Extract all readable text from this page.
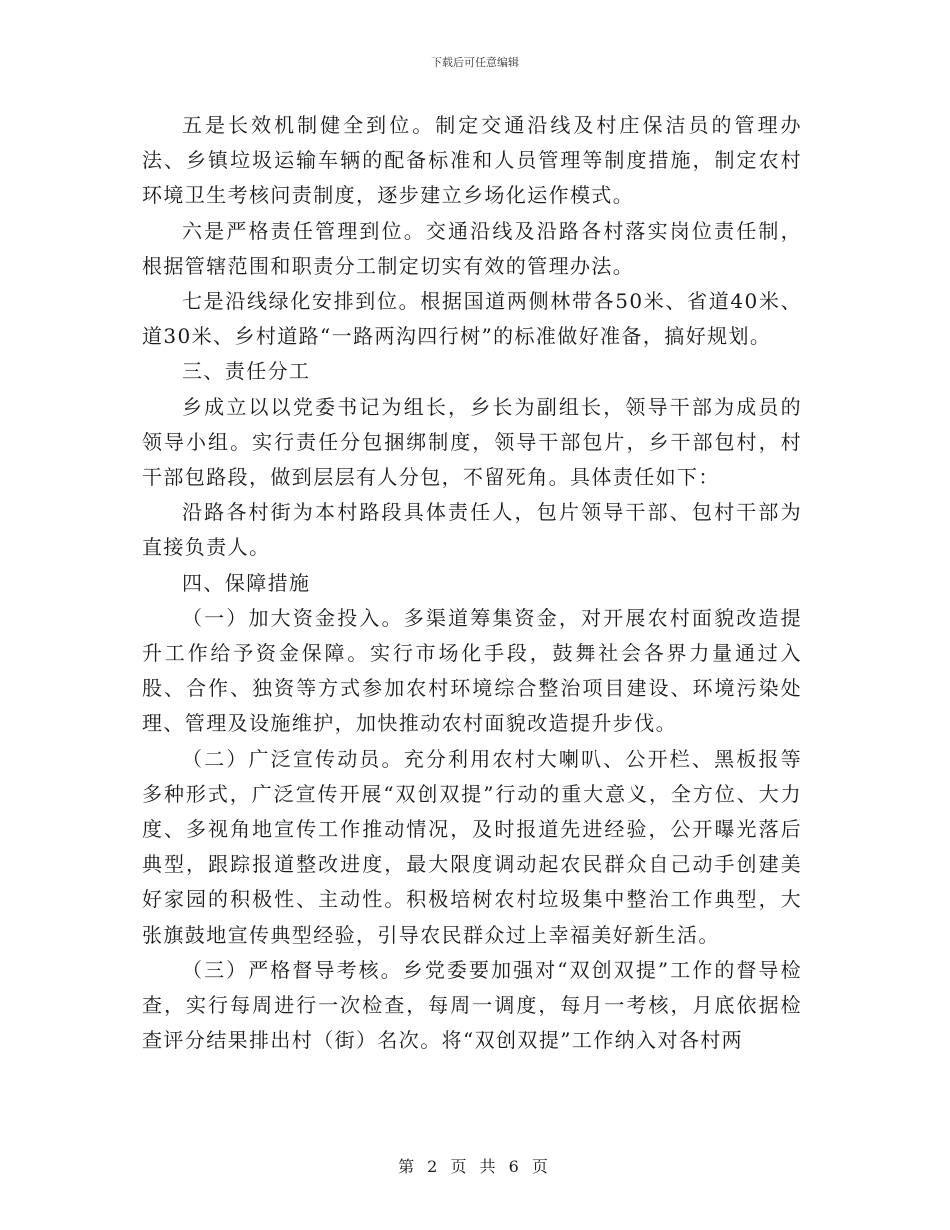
下载后可任意编辑

五是长效机制健全到位。制定交通沿线及村庄保洁员的管理办法、乡镇垃圾运输车辆的配备标准和人员管理等制度措施，制定农村环境卫生考核问责制度，逐步建立乡场化运作模式。

六是严格责任管理到位。交通沿线及沿路各村落实岗位责任制，根据管辖范围和职责分工制定切实有效的管理办法。

七是沿线绿化安排到位。根据国道两侧林带各50米、省道40米、道30米、乡村道路“一路两沟四行树”的标准做好准备，搞好规划。

三、责任分工

乡成立以以党委书记为组长，乡长为副组长，领导干部为成员的领导小组。实行责任分包捆绑制度，领导干部包片，乡干部包村，村干部包路段，做到层层有人分包，不留死角。具体责任如下：

沿路各村街为本村路段具体责任人，包片领导干部、包村干部为直接负责人。

四、保障措施

（一）加大资金投入。多渠道筹集资金，对开展农村面貌改造提升工作给予资金保障。实行市场化手段，鼓舞社会各界力量通过入股、合作、独资等方式参加农村环境综合整治项目建设、环境污染处理、管理及设施维护，加快推动农村面貌改造提升步伐。

（二）广泛宣传动员。充分利用农村大喇叭、公开栏、黑板报等多种形式，广泛宣传开展“双创双提”行动的重大意义，全方位、大力度、多视角地宣传工作推动情况，及时报道先进经验，公开曝光落后典型，跟踪报道整改进度，最大限度调动起农民群众自己动手创建美好家园的积极性、主动性。积极培树农村垃圾集中整治工作典型，大张旗鼓地宣传典型经验，引导农民群众过上幸福美好新生活。

（三）严格督导考核。乡党委要加强对“双创双提”工作的督导检查，实行每周进行一次检查，每周一调度，每月一考核，月底依据检查评分结果排出村（街）名次。将“双创双提”工作纳入对各村两

第 2 页 共 6 页
